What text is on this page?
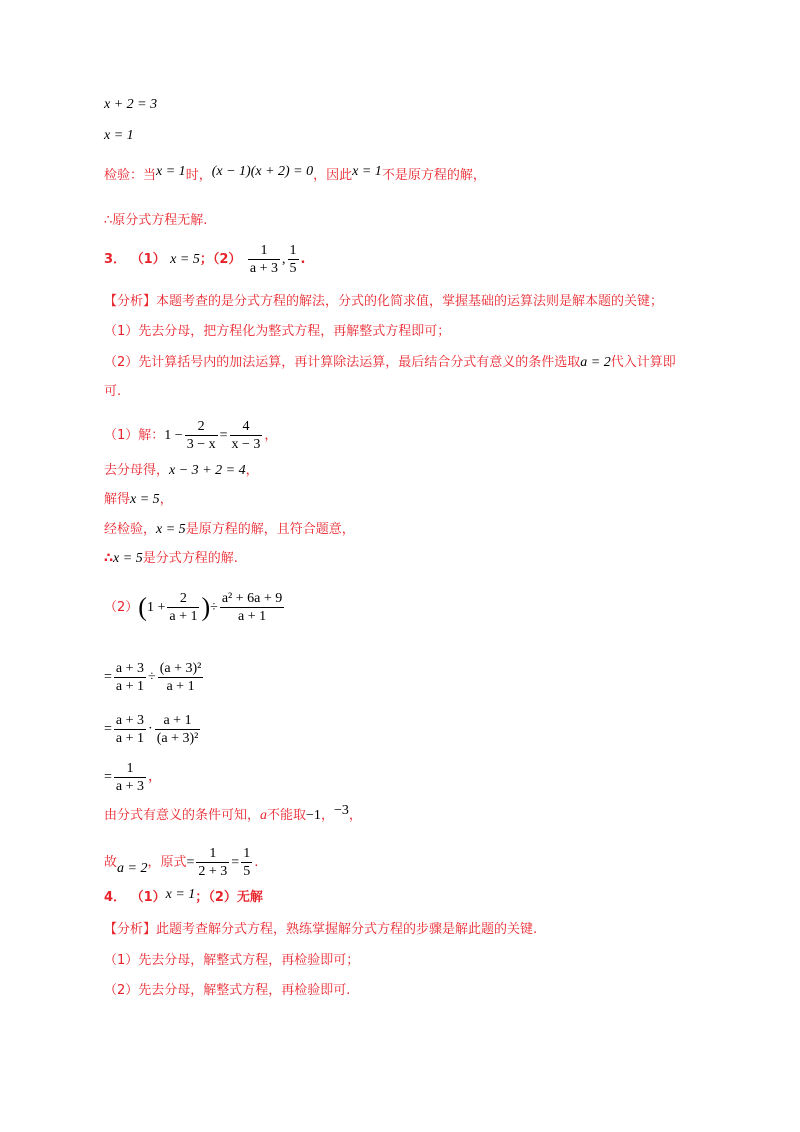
x + 2 = 3
x = 1
检验：当x = 1时，(x − 1)(x + 2) = 0，因此x = 1不是原方程的解，
∴原分式方程无解.
3． （1） x = 5；$(2) \frac{1}{a + 3}$ , $\frac{1}{5}$ .
【分析】本题考查的是分式方程的解法，分式的化简求值，掌握基础的运算法则是解本题的关键；
（1）先去分母，把方程化为整式方程，再解整式方程即可；
（2）先计算括号内的加法运算，再计算除法运算，最后结合分式有意义的条件选取a = 2代入计算即
可.
（1）解：$1 - \frac{2}{3 - x} = \frac{4}{x - 3}$ ，
去分母得，x − 3 + 2 = 4，
解得x = 5，
经检验，x = 5是原方程的解，且符合题意，
∴x = 5是分式方程的解.
$(2)(1 + \frac{2}{a + 1}$ )÷ $\frac{\text{a² + 6a + 9}}{a + 1}$
= $\frac{a + 3}{a + 1} \div \frac{\text{(a + 3)²}}{a + 1}$
= $\frac{a + 3}{a + 1} \cdot \frac{a + 1}{\text{(a + 3)²}}$
= $\frac{1}{a + 3}$ ，
由分式有意义的条件可知，a不能取−1，−3，
故a = 2，原式= $\frac{1}{2 + 3} = \frac{1}{5}$ .
4． （1）x = 1；（2）无解
【分析】此题考查解分式方程，熟练掌握解分式方程的步骤是解此题的关键.
（1）先去分母，解整式方程，再检验即可；
（2）先去分母，解整式方程，再检验即可.
